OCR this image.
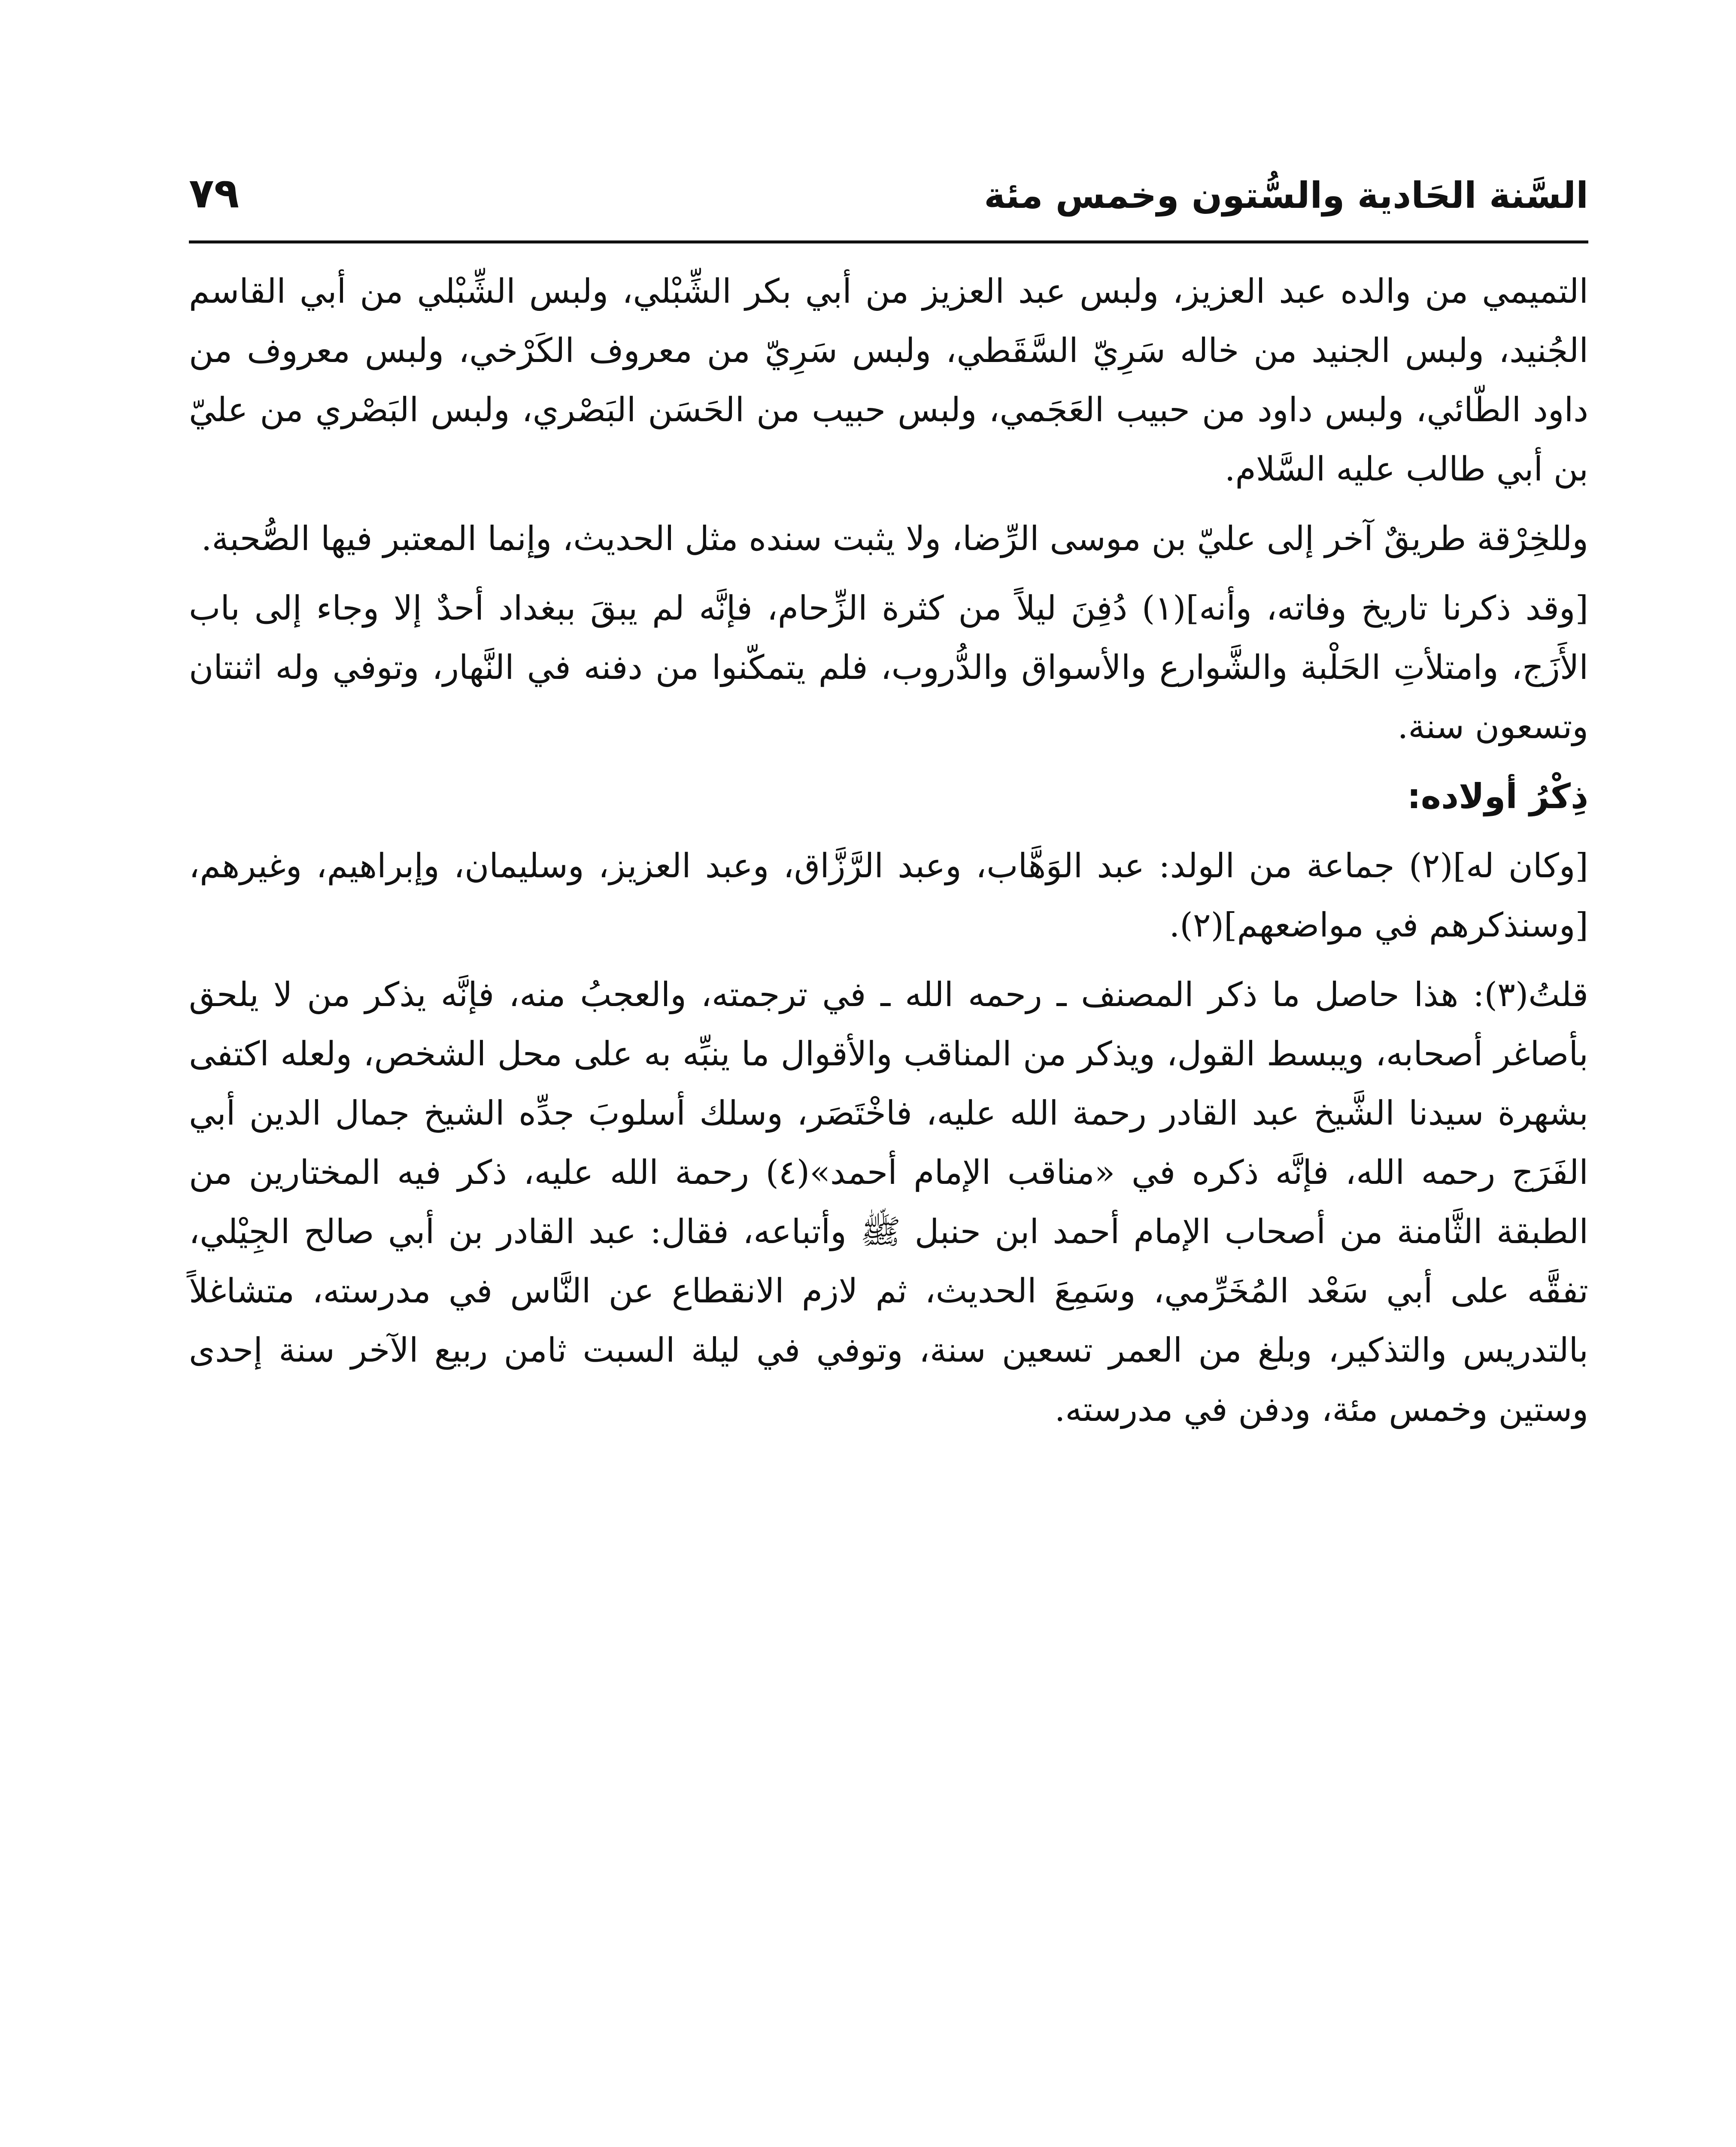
السَّنة الحَادية والسُّتون وخمس مئة
٧٩

التميمي من والده عبد العزيز، ولبس عبد العزيز من أبي بكر الشِّبْلي، ولبس الشِّبْلي من أبي القاسم الجُنيد، ولبس الجنيد من خاله سَرِيّ السَّقَطي، ولبس سَرِيّ من معروف الكَرْخي، ولبس معروف من داود الطّائي، ولبس داود من حبيب العَجَمي، ولبس حبيب من الحَسَن البَصْري، ولبس البَصْري من عليّ بن أبي طالب عليه السَّلام.

وللخِرْقة طريقٌ آخر إلى عليّ بن موسى الرِّضا، ولا يثبت سنده مثل الحديث، وإنما المعتبر فيها الصُّحبة.

[وقد ذكرنا تاريخ وفاته، وأنه](١) دُفِنَ ليلاً من كثرة الزِّحام، فإنَّه لم يبقَ ببغداد أحدٌ إلا وجاء إلى باب الأَزَج، وامتلأتِ الحَلْبة والشَّوارع والأسواق والدُّروب، فلم يتمكّنوا من دفنه في النَّهار، وتوفي وله اثنتان وتسعون سنة.

ذِكْرُ أولاده:

[وكان له](٢) جماعة من الولد: عبد الوَهَّاب، وعبد الرَّزَّاق، وعبد العزيز، وسليمان، وإبراهيم، وغيرهم، [وسنذكرهم في مواضعهم](٢).

قلتُ(٣): هذا حاصل ما ذكر المصنف ـ رحمه الله ـ في ترجمته، والعجبُ منه، فإنَّه يذكر من لا يلحق بأصاغر أصحابه، ويبسط القول، ويذكر من المناقب والأقوال ما ينبِّه به على محل الشخص، ولعله اكتفى بشهرة سيدنا الشَّيخ عبد القادر رحمة الله عليه، فاخْتَصَر، وسلك أسلوبَ جدِّه الشيخ جمال الدين أبي الفَرَج رحمه الله، فإنَّه ذكره في «مناقب الإمام أحمد»(٤) رحمة الله عليه، ذكر فيه المختارين من الطبقة الثَّامنة من أصحاب الإمام أحمد ابن حنبل ﷺ وأتباعه، فقال: عبد القادر بن أبي صالح الجِيْلي، تفقَّه على أبي سَعْد المُخَرِّمي، وسَمِعَ الحديث، ثم لازم الانقطاع عن النَّاس في مدرسته، متشاغلاً بالتدريس والتذكير، وبلغ من العمر تسعين سنة، وتوفي في ليلة السبت ثامن ربيع الآخر سنة إحدى وستين وخمس مئة، ودفن في مدرسته.
